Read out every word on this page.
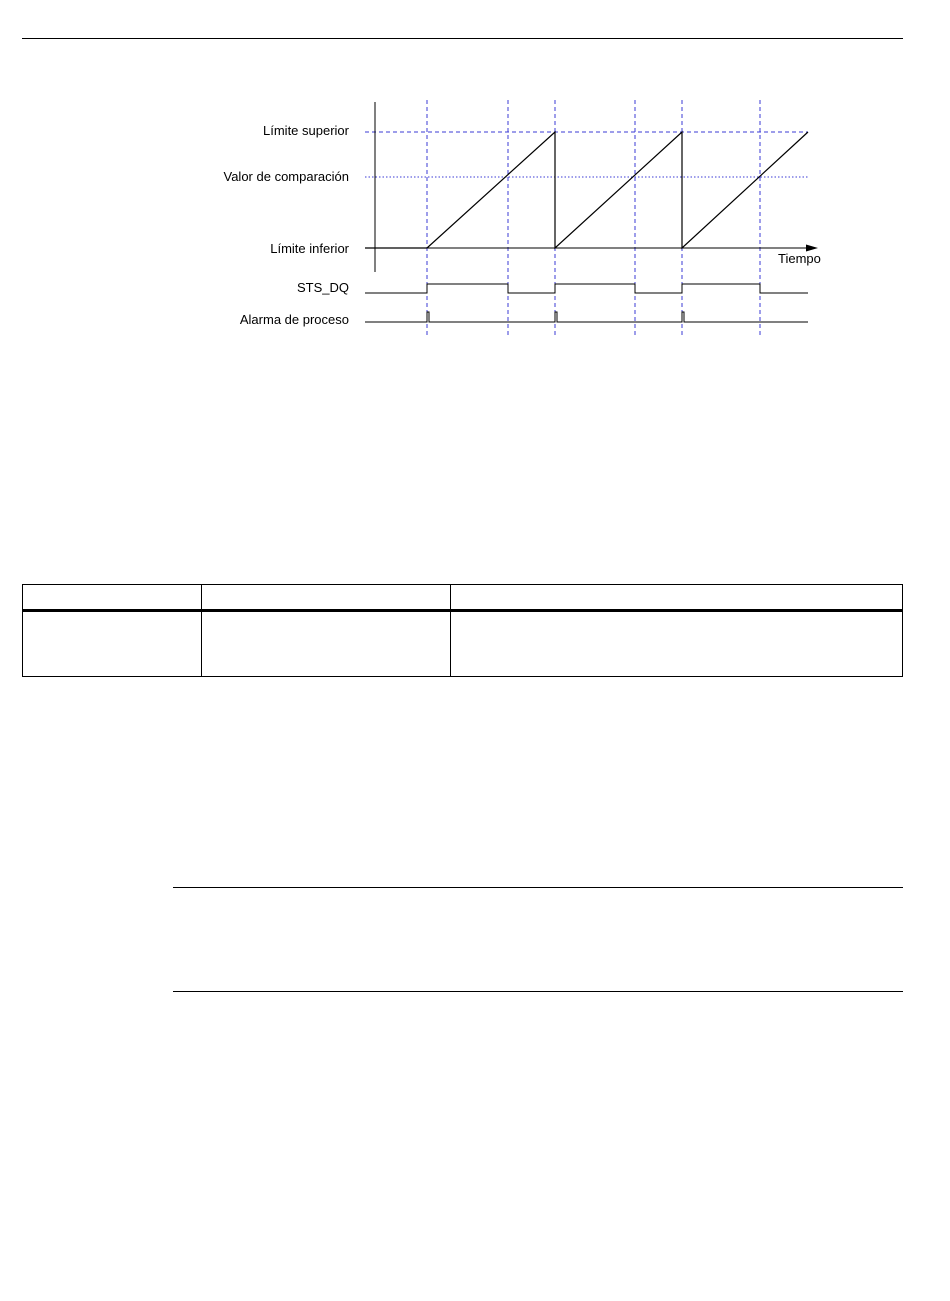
Límite superior
Valor de comparación
Límite inferior
Tiempo
STS_DQ
Alarma de proceso
